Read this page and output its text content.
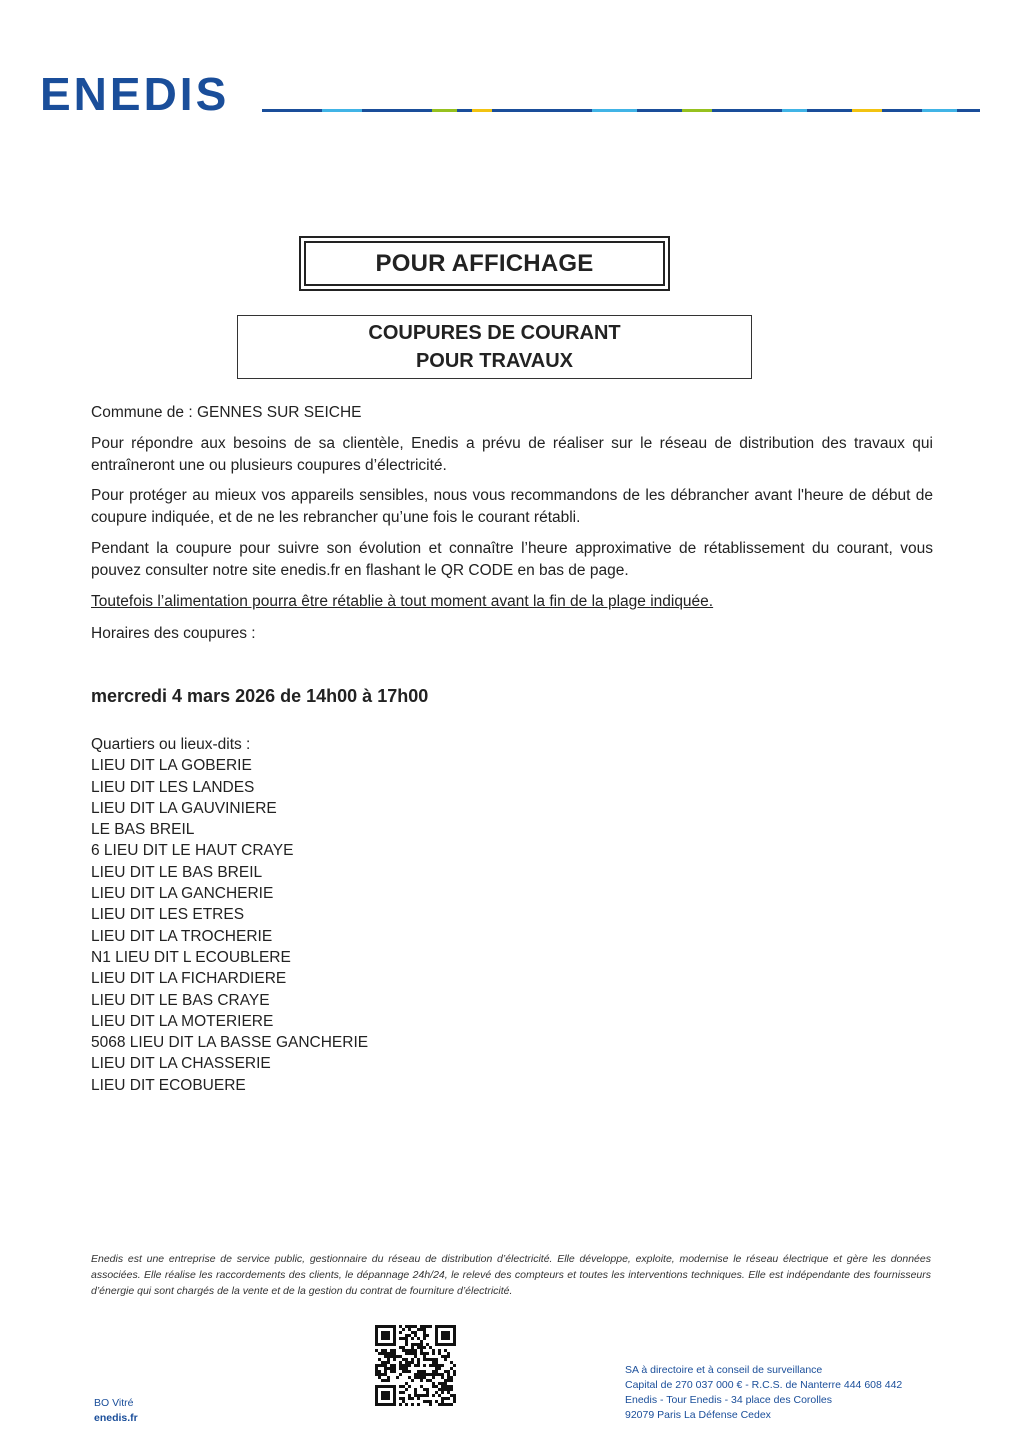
ENEDIS
POUR AFFICHAGE
COUPURES DE COURANT
POUR TRAVAUX

Commune de : GENNES SUR SEICHE

Pour répondre aux besoins de sa clientèle, Enedis a prévu de réaliser sur le réseau de distribution des travaux qui entraîneront une ou plusieurs coupures d’électricité.

Pour protéger au mieux vos appareils sensibles, nous vous recommandons de les débrancher avant l'heure de début de coupure indiquée, et de ne les rebrancher qu’une fois le courant rétabli.

Pendant la coupure pour suivre son évolution et connaître l’heure approximative de rétablissement du courant, vous pouvez consulter notre site enedis.fr en flashant le QR CODE en bas de page.

Toutefois l’alimentation pourra être rétablie à tout moment avant la fin de la plage indiquée.

Horaires des coupures :

mercredi 4 mars 2026 de 14h00 à 17h00

Quartiers ou lieux-dits :
LIEU DIT LA GOBERIE
LIEU DIT LES LANDES
LIEU DIT LA GAUVINIERE
LE BAS BREIL
6 LIEU DIT LE HAUT CRAYE
LIEU DIT LE BAS BREIL
LIEU DIT LA GANCHERIE
LIEU DIT LES ETRES
LIEU DIT LA TROCHERIE
N1 LIEU DIT L ECOUBLERE
LIEU DIT LA FICHARDIERE
LIEU DIT LE BAS CRAYE
LIEU DIT LA MOTERIERE
5068 LIEU DIT LA BASSE GANCHERIE
LIEU DIT LA CHASSERIE
LIEU DIT ECOBUERE

Enedis est une entreprise de service public, gestionnaire du réseau de distribution d’électricité. Elle développe, exploite, modernise le réseau électrique et gère les données associées. Elle réalise les raccordements des clients, le dépannage 24h/24, le relevé des compteurs et toutes les interventions techniques. Elle est indépendante des fournisseurs d’énergie qui sont chargés de la vente et de la gestion du contrat de fourniture d’électricité.

SA à directoire et à conseil de surveillance
Capital de 270 037 000 € - R.C.S. de Nanterre 444 608 442
Enedis - Tour Enedis - 34 place des Corolles
92079 Paris La Défense Cedex
BO Vitré
enedis.fr
